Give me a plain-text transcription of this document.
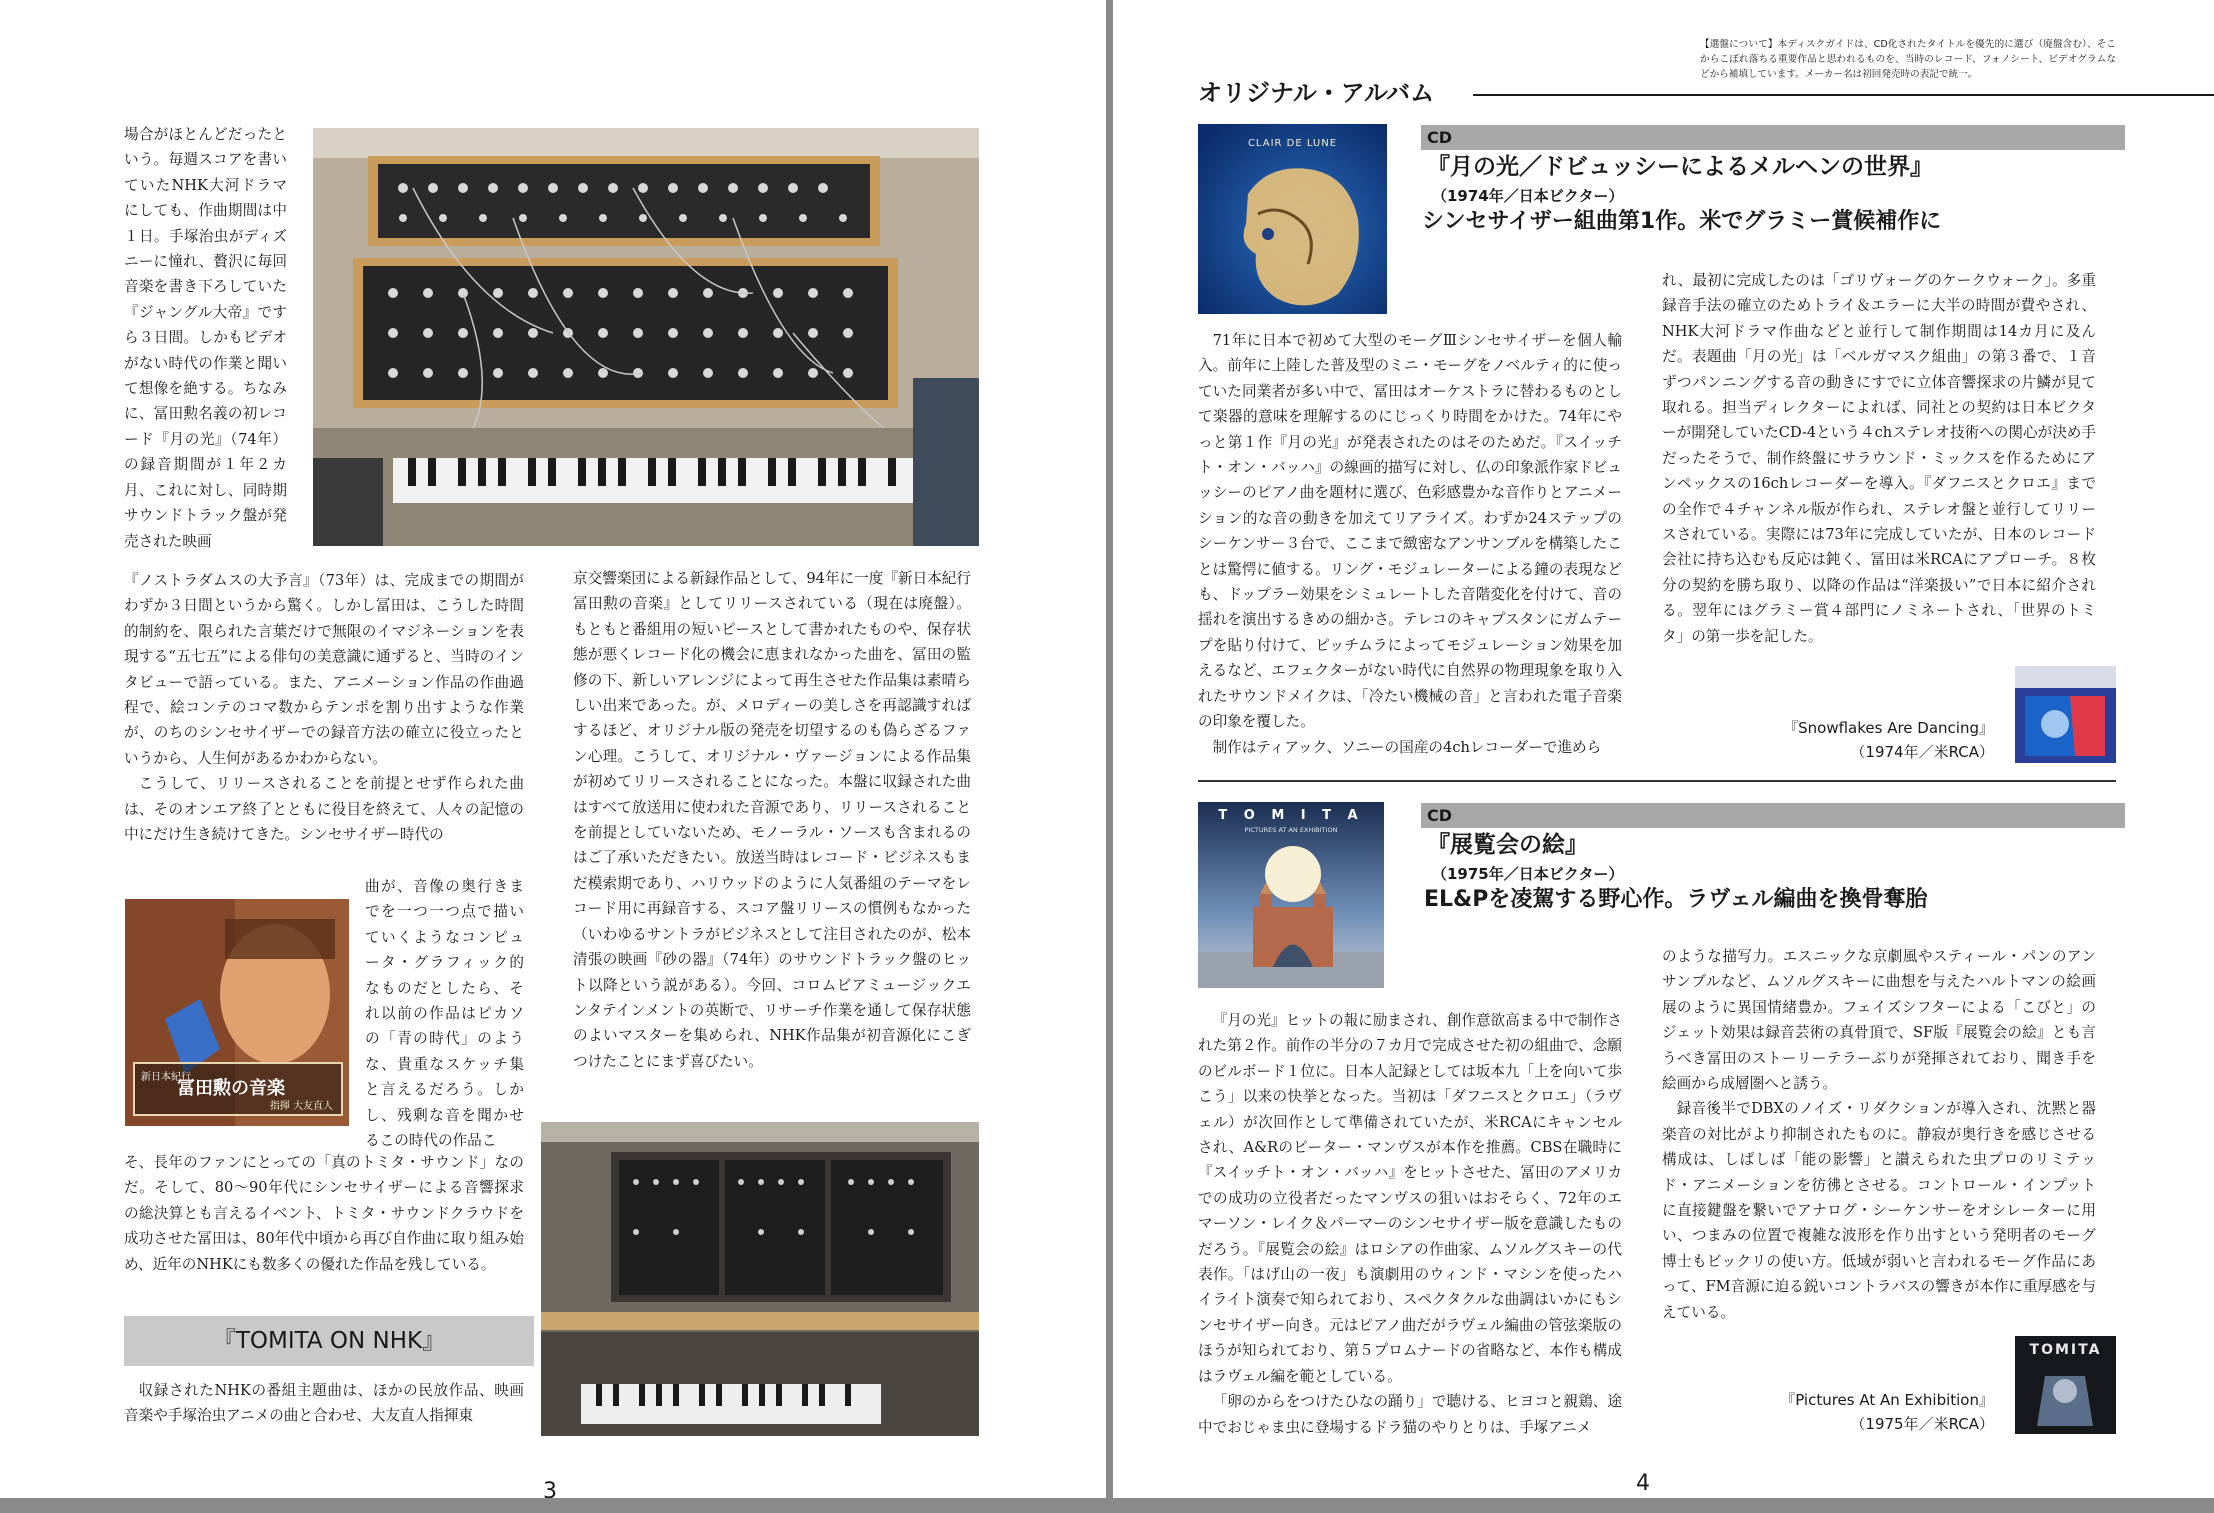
場合がほとんどだったという。毎週スコアを書いていたNHK大河ドラマにしても、作曲期間は中１日。手塚治虫がディズニーに憧れ、贅沢に毎回音楽を書き下ろしていた『ジャングル大帝』ですら３日間。しかもビデオがない時代の作業と聞いて想像を絶する。ちなみに、冨田勲名義の初レコード『月の光』（74年）の録音期間が１年２カ月、これに対し、同時期サウンドトラック盤が発売された映画

『ノストラダムスの大予言』（73年）は、完成までの期間がわずか３日間というから驚く。しかし冨田は、こうした時間的制約を、限られた言葉だけで無限のイマジネーションを表現する“五七五”による俳句の美意識に通ずると、当時のインタビューで語っている。また、アニメーション作品の作曲過程で、絵コンテのコマ数からテンポを割り出すような作業が、のちのシンセサイザーでの録音方法の確立に役立ったというから、人生何があるかわからない。

こうして、リリースされることを前提とせず作られた曲は、そのオンエア終了とともに役目を終えて、人々の記憶の中にだけ生き続けてきた。シンセサイザー時代の

新日本紀行
冨田勲の音楽
指揮 大友直人

曲が、音像の奥行きまでを一つ一つ点で描いていくようなコンピュータ・グラフィック的なものだとしたら、それ以前の作品はピカソの「青の時代」のような、貴重なスケッチ集と言えるだろう。しかし、残剰な音を聞かせるこの時代の作品こ

そ、長年のファンにとっての「真のトミタ・サウンド」なのだ。そして、80〜90年代にシンセサイザーによる音響探求の総決算とも言えるイベント、トミタ・サウンドクラウドを成功させた冨田は、80年代中頃から再び自作曲に取り組み始め、近年のNHKにも数多くの優れた作品を残している。

『TOMITA ON NHK』

収録されたNHKの番組主題曲は、ほかの民放作品、映画音楽や手塚治虫アニメの曲と合わせ、大友直人指揮東

京交響楽団による新録作品として、94年に一度『新日本紀行　冨田勲の音楽』としてリリースされている（現在は廃盤）。もともと番組用の短いピースとして書かれたものや、保存状態が悪くレコード化の機会に恵まれなかった曲を、冨田の監修の下、新しいアレンジによって再生させた作品集は素晴らしい出来であった。が、メロディーの美しさを再認識すればするほど、オリジナル版の発売を切望するのも偽らざるファン心理。こうして、オリジナル・ヴァージョンによる作品集が初めてリリースされることになった。本盤に収録された曲はすべて放送用に使われた音源であり、リリースされることを前提としていないため、モノーラル・ソースも含まれるのはご了承いただきたい。放送当時はレコード・ビジネスもまだ模索期であり、ハリウッドのように人気番組のテーマをレコード用に再録音する、スコア盤リリースの慣例もなかった（いわゆるサントラがビジネスとして注目されたのが、松本清張の映画『砂の器』（74年）のサウンドトラック盤のヒット以降という説がある）。今回、コロムビアミュージックエンタテインメントの英断で、リサーチ作業を通して保存状態のよいマスターを集められ、NHK作品集が初音源化にこぎつけたことにまず喜びたい。

3
【選盤について】本ディスクガイドは、CD化されたタイトルを優先的に選び（廃盤含む）、そこからこぼれ落ちる重要作品と思われるものを、当時のレコード、フォノシート、ビデオグラムなどから補填しています。メーカー名は初回発売時の表記で統一。
オリジナル・アルバム
CLAIR DE LUNE	CD
『月の光／ドビュッシーによるメルヘンの世界』
（1974年／日本ビクター）
シンセサイザー組曲第1作。米でグラミー賞候補作に

71年に日本で初めて大型のモーグⅢシンセサイザーを個人輸入。前年に上陸した普及型のミニ・モーグをノベルティ的に使っていた同業者が多い中で、冨田はオーケストラに替わるものとして楽器的意味を理解するのにじっくり時間をかけた。74年にやっと第１作『月の光』が発表されたのはそのためだ。『スイッチト・オン・バッハ』の線画的描写に対し、仏の印象派作家ドビュッシーのピアノ曲を題材に選び、色彩感豊かな音作りとアニメーション的な音の動きを加えてリアライズ。わずか24ステップのシーケンサー３台で、ここまで緻密なアンサンブルを構築したことは驚愕に値する。リング・モジュレーターによる鐘の表現なども、ドップラー効果をシミュレートした音階変化を付けて、音の揺れを演出するきめの細かさ。テレコのキャプスタンにガムテープを貼り付けて、ピッチムラによってモジュレーション効果を加えるなど、エフェクターがない時代に自然界の物理現象を取り入れたサウンドメイクは、「冷たい機械の音」と言われた電子音楽の印象を覆した。

制作はティアック、ソニーの国産の4chレコーダーで進めら

れ、最初に完成したのは「ゴリヴォーグのケークウォーク」。多重録音手法の確立のためトライ＆エラーに大半の時間が費やされ、NHK大河ドラマ作曲などと並行して制作期間は14カ月に及んだ。表題曲「月の光」は「ベルガマスク組曲」の第３番で、１音ずつパンニングする音の動きにすでに立体音響探求の片鱗が見て取れる。担当ディレクターによれば、同社との契約は日本ビクターが開発していたCD-4という４chステレオ技術への関心が決め手だったそうで、制作終盤にサラウンド・ミックスを作るためにアンペックスの16chレコーダーを導入。『ダフニスとクロエ』までの全作で４チャンネル版が作られ、ステレオ盤と並行してリリースされている。実際には73年に完成していたが、日本のレコード会社に持ち込むも反応は鈍く、冨田は米RCAにアプローチ。８枚分の契約を勝ち取り、以降の作品は“洋楽扱い”で日本に紹介される。翌年にはグラミー賞４部門にノミネートされ、「世界のトミタ」の第一歩を記した。

『Snowflakes Are Dancing』
（1974年／米RCA）
T O M I T A
PICTURES AT AN EXHIBITION
CD
『展覧会の絵』
（1975年／日本ビクター）
EL&Pを凌駕する野心作。ラヴェル編曲を換骨奪胎

『月の光』ヒットの報に励まされ、創作意欲高まる中で制作された第２作。前作の半分の７カ月で完成させた初の組曲で、念願のビルボード１位に。日本人記録としては坂本九「上を向いて歩こう」以来の快挙となった。当初は「ダフニスとクロエ」（ラヴェル）が次回作として準備されていたが、米RCAにキャンセルされ、A&Rのピーター・マンヴスが本作を推薦。CBS在職時に『スイッチト・オン・バッハ』をヒットさせた、冨田のアメリカでの成功の立役者だったマンヴスの狙いはおそらく、72年のエマーソン・レイク＆パーマーのシンセサイザー版を意識したものだろう。『展覧会の絵』はロシアの作曲家、ムソルグスキーの代表作。「はげ山の一夜」も演劇用のウィンド・マシンを使ったハイライト演奏で知られており、スペクタクルな曲調はいかにもシンセサイザー向き。元はピアノ曲だがラヴェル編曲の管弦楽版のほうが知られており、第５プロムナードの省略など、本作も構成はラヴェル編を範としている。

「卵のからをつけたひなの踊り」で聴ける、ヒヨコと親鶏、途中でおじゃま虫に登場するドラ猫のやりとりは、手塚アニメ

のような描写力。エスニックな京劇風やスティール・パンのアンサンブルなど、ムソルグスキーに曲想を与えたハルトマンの絵画展のように異国情緒豊か。フェイズシフターによる「こびと」のジェット効果は録音芸術の真骨頂で、SF版『展覧会の絵』とも言うべき冨田のストーリーテラーぶりが発揮されており、聞き手を絵画から成層圏へと誘う。

録音後半でDBXのノイズ・リダクションが導入され、沈黙と器楽音の対比がより抑制されたものに。静寂が奥行きを感じさせる構成は、しばしば「能の影響」と讃えられた虫プロのリミテッド・アニメーションを彷彿とさせる。コントロール・インプットに直接鍵盤を繋いでアナログ・シーケンサーをオシレーターに用い、つまみの位置で複雑な波形を作り出すという発明者のモーグ博士もビックリの使い方。低域が弱いと言われるモーグ作品にあって、FM音源に迫る鋭いコントラバスの響きが本作に重厚感を与えている。

TOMITA
『Pictures At An Exhibition』
（1975年／米RCA）
4
